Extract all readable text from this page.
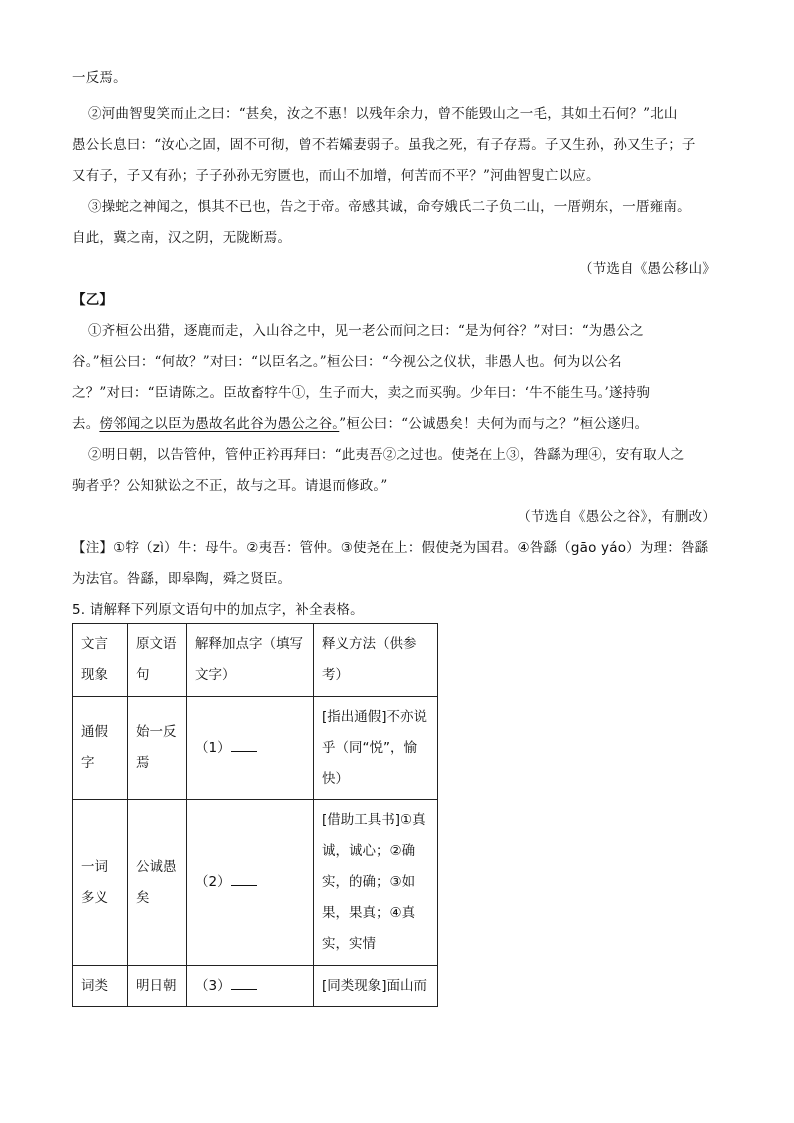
一反焉。
②河曲智叟笑而止之曰：“甚矣，汝之不惠！以残年余力，曾不能毁山之一毛，其如土石何？”北山
愚公长息曰：“汝心之固，固不可彻，曾不若孀妻弱子。虽我之死，有子存焉。子又生孙，孙又生子；子
又有子，子又有孙；子子孙孙无穷匮也，而山不加增，何苦而不平？”河曲智叟亡以应。
③操蛇之神闻之，惧其不已也，告之于帝。帝感其诚，命夸娥氏二子负二山，一厝朔东，一厝雍南。
自此，冀之南，汉之阴，无陇断焉。
（节选自《愚公移山》
【乙】
①齐桓公出猎，逐鹿而走，入山谷之中，见一老公而问之曰：“是为何谷？”对曰：“为愚公之
谷。”桓公曰：“何故？”对曰：“以臣名之。”桓公曰：“今视公之仪状，非愚人也。何为以公名
之？”对曰：“臣请陈之。臣故畜牸牛①，生子而大，卖之而买驹。少年曰：‘牛不能生马。’遂持驹
去。傍邻闻之以臣为愚故名此谷为愚公之谷。”桓公曰：“公诚愚矣！夫何为而与之？”桓公遂归。
②明日朝，以告管仲，管仲正衿再拜曰：“此夷吾②之过也。使尧在上③，咎繇为理④，安有取人之
驹者乎？公知狱讼之不正，故与之耳。请退而修政。”
（节选自《愚公之谷》，有删改）
【注】①牸（zì）牛：母牛。②夷吾：管仲。③使尧在上：假使尧为国君。④咎繇（gāo yáo）为理：咎繇
为法官。咎繇，即皋陶，舜之贤臣。
5. 请解释下列原文语句中的加点字，补全表格。
文言现象	原文语句	解释加点字（填写文字）	释义方法（供参考）
通假字	始一反焉	（1）	[指出通假]不亦说乎（同“悦”，愉快）
一词多义	公诚愚矣	（2）	[借助工具书]①真诚，诚心；②确实，的确；③如果，果真；④真实，实情
词类	明日朝	（3）	[同类现象]面山而
